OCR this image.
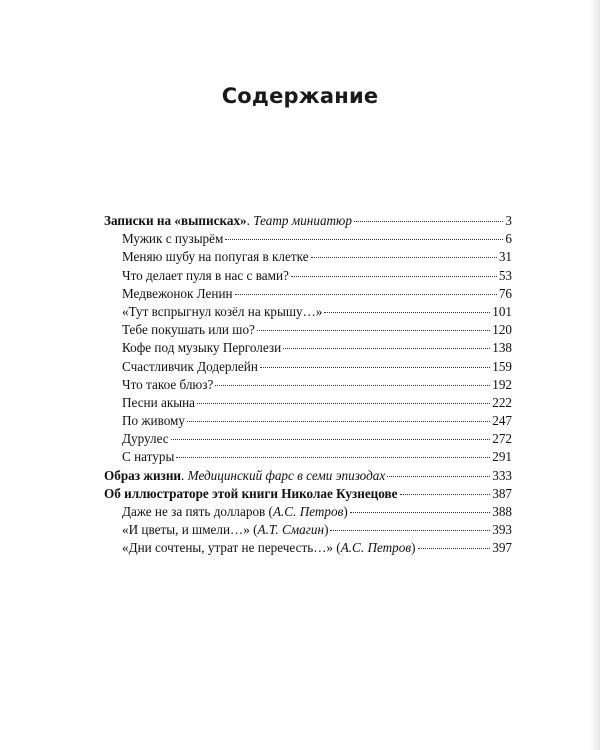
Содержание
Записки на «выписках». Театр миниатюр	3
Мужик с пузырём	6
Меняю шубу на попугая в клетке	31
Что делает пуля в нас с вами?	53
Медвежонок Ленин	76
«Тут вспрыгнул козёл на крышу…»	101
Тебе покушать или шо?	120
Кофе под музыку Перголези	138
Счастливчик Додерлейн	159
Что такое блюз?	192
Песни акына	222
По живому	247
Дурулес	272
С натуры	291
Образ жизни. Медицинский фарс в семи эпизодах	333
Об иллюстраторе этой книги Николае Кузнецове	387
Даже не за пять долларов (А.С. Петров)	388
«И цветы, и шмели…» (А.Т. Смагин)	393
«Дни сочтены, утрат не перечесть…» (А.С. Петров)	397
